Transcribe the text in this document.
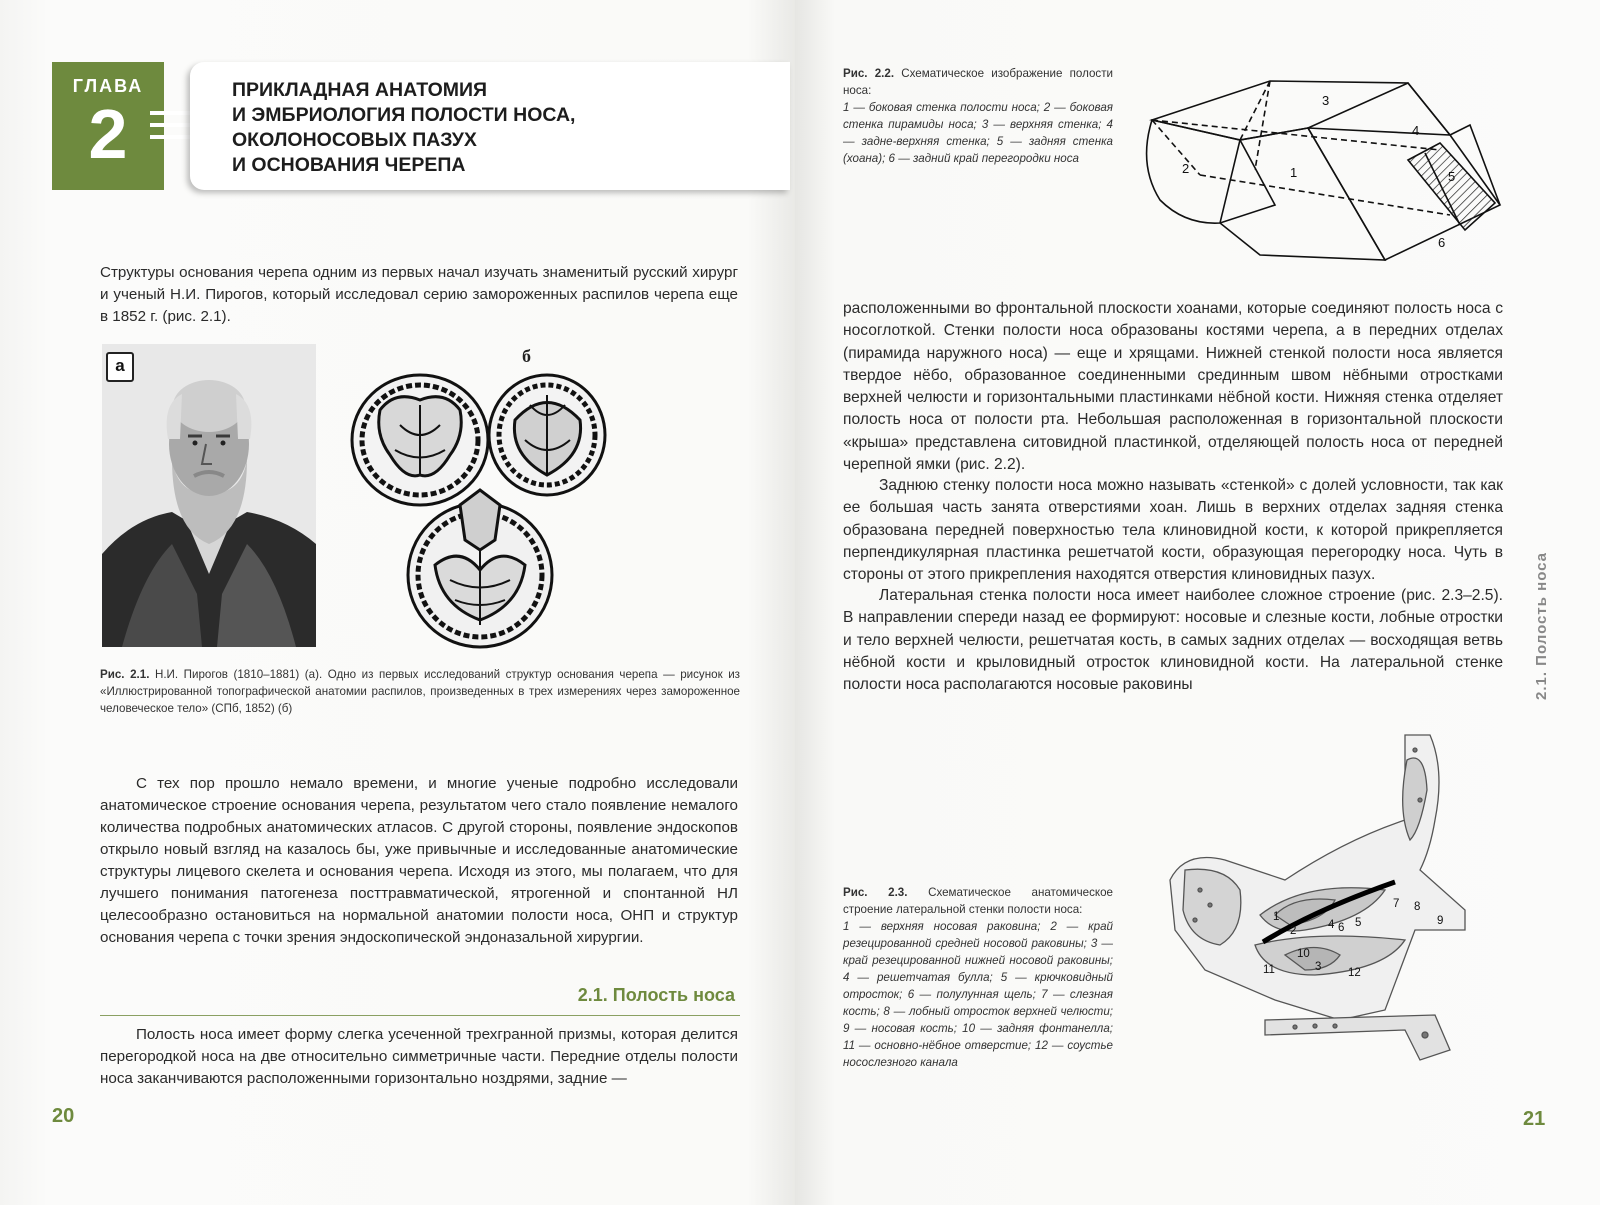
ГЛАВА
2
ПРИКЛАДНАЯ АНАТОМИЯ
И ЭМБРИОЛОГИЯ ПОЛОСТИ НОСА,
ОКОЛОНОСОВЫХ ПАЗУХ
И ОСНОВАНИЯ ЧЕРЕПА
Структуры основания черепа одним из первых начал изучать знаменитый русский хирург и ученый Н.И. Пирогов, который исследовал серию замороженных распилов черепа еще в 1852 г. (рис. 2.1).
а	б
Рис. 2.1. Н.И. Пирогов (1810–1881) (а). Одно из первых исследований структур основания черепа — рисунок из «Иллюстрированной топографической анатомии распилов, произведенных в трех измерениях через замороженное человеческое тело» (СПб, 1852) (б)
С тех пор прошло немало времени, и многие ученые подробно исследовали анатомическое строение основания черепа, результатом чего стало появление немалого количества подробных анатомических атласов. С другой стороны, появление эндоскопов открыло новый взгляд на казалось бы, уже привычные и исследованные анатомические структуры лицевого скелета и основания черепа. Исходя из этого, мы полагаем, что для лучшего понимания патогенеза посттравматической, ятрогенной и спонтанной НЛ целесообразно остановиться на нормальной анатомии полости носа, ОНП и структур основания черепа с точки зрения эндоскопической эндоназальной хирургии.
2.1. Полость носа
Полость носа имеет форму слегка усеченной трехгранной призмы, которая делится перегородкой носа на две относительно симметричные части. Передние отделы полости носа заканчиваются расположенными горизонтально ноздрями, задние —
20
Рис. 2.2. Схематическое изображение полости носа:
1 — боковая стенка полости носа; 2 — боковая стенка пирамиды носа; 3 — верхняя стенка; 4 — задне-верхняя стенка; 5 — задняя стенка (хоана); 6 — задний край перегородки носа
1
2
3
4
5
6
расположенными во фронтальной плоскости хоанами, которые соединяют полость носа с носоглоткой. Стенки полости носа образованы костями черепа, а в передних отделах (пирамида наружного носа) — еще и хрящами. Нижней стенкой полости носа является твердое нёбо, образованное соединенными срединным швом нёбными отростками верхней челюсти и горизонтальными пластинками нёбной кости. Нижняя стенка отделяет полость носа от полости рта. Небольшая расположенная в горизонтальной плоскости «крыша» представлена ситовидной пластинкой, отделяющей полость носа от передней черепной ямки (рис. 2.2).
Заднюю стенку полости носа можно называть «стенкой» с долей условности, так как ее большая часть занята отверстиями хоан. Лишь в верхних отделах задняя стенка образована передней поверхностью тела клиновидной кости, к которой прикрепляется перпендикулярная пластинка решетчатой кости, образующая перегородку носа. Чуть в стороны от этого прикрепления находятся отверстия клиновидных пазух.
Латеральная стенка полости носа имеет наиболее сложное строение (рис. 2.3–2.5). В направлении спереди назад ее формируют: носовые и слезные кости, лобные отростки и тело верхней челюсти, решетчатая кость, в самых задних отделах — восходящая ветвь нёбной кости и крыловидный отросток клиновидной кости. На латеральной стенке полости носа располагаются носовые раковины
Рис. 2.3. Схематическое анатомическое строение латеральной стенки полости носа:
1 — верхняя носовая раковина; 2 — край резецированной средней носовой раковины; 3 — край резецированной нижней носовой раковины; 4 — решетчатая булла; 5 — крючковидный отросток; 6 — полулунная щель; 7 — слезная кость; 8 — лобный отросток верхней челюсти; 9 — носовая кость; 10 — задняя фонтанелла; 11 — основно-нёбное отверстие; 12 — соустье носослезного канала
1
2	4 6 5
7 8
9
10
3
11	12
21
2.1. Полость носа
